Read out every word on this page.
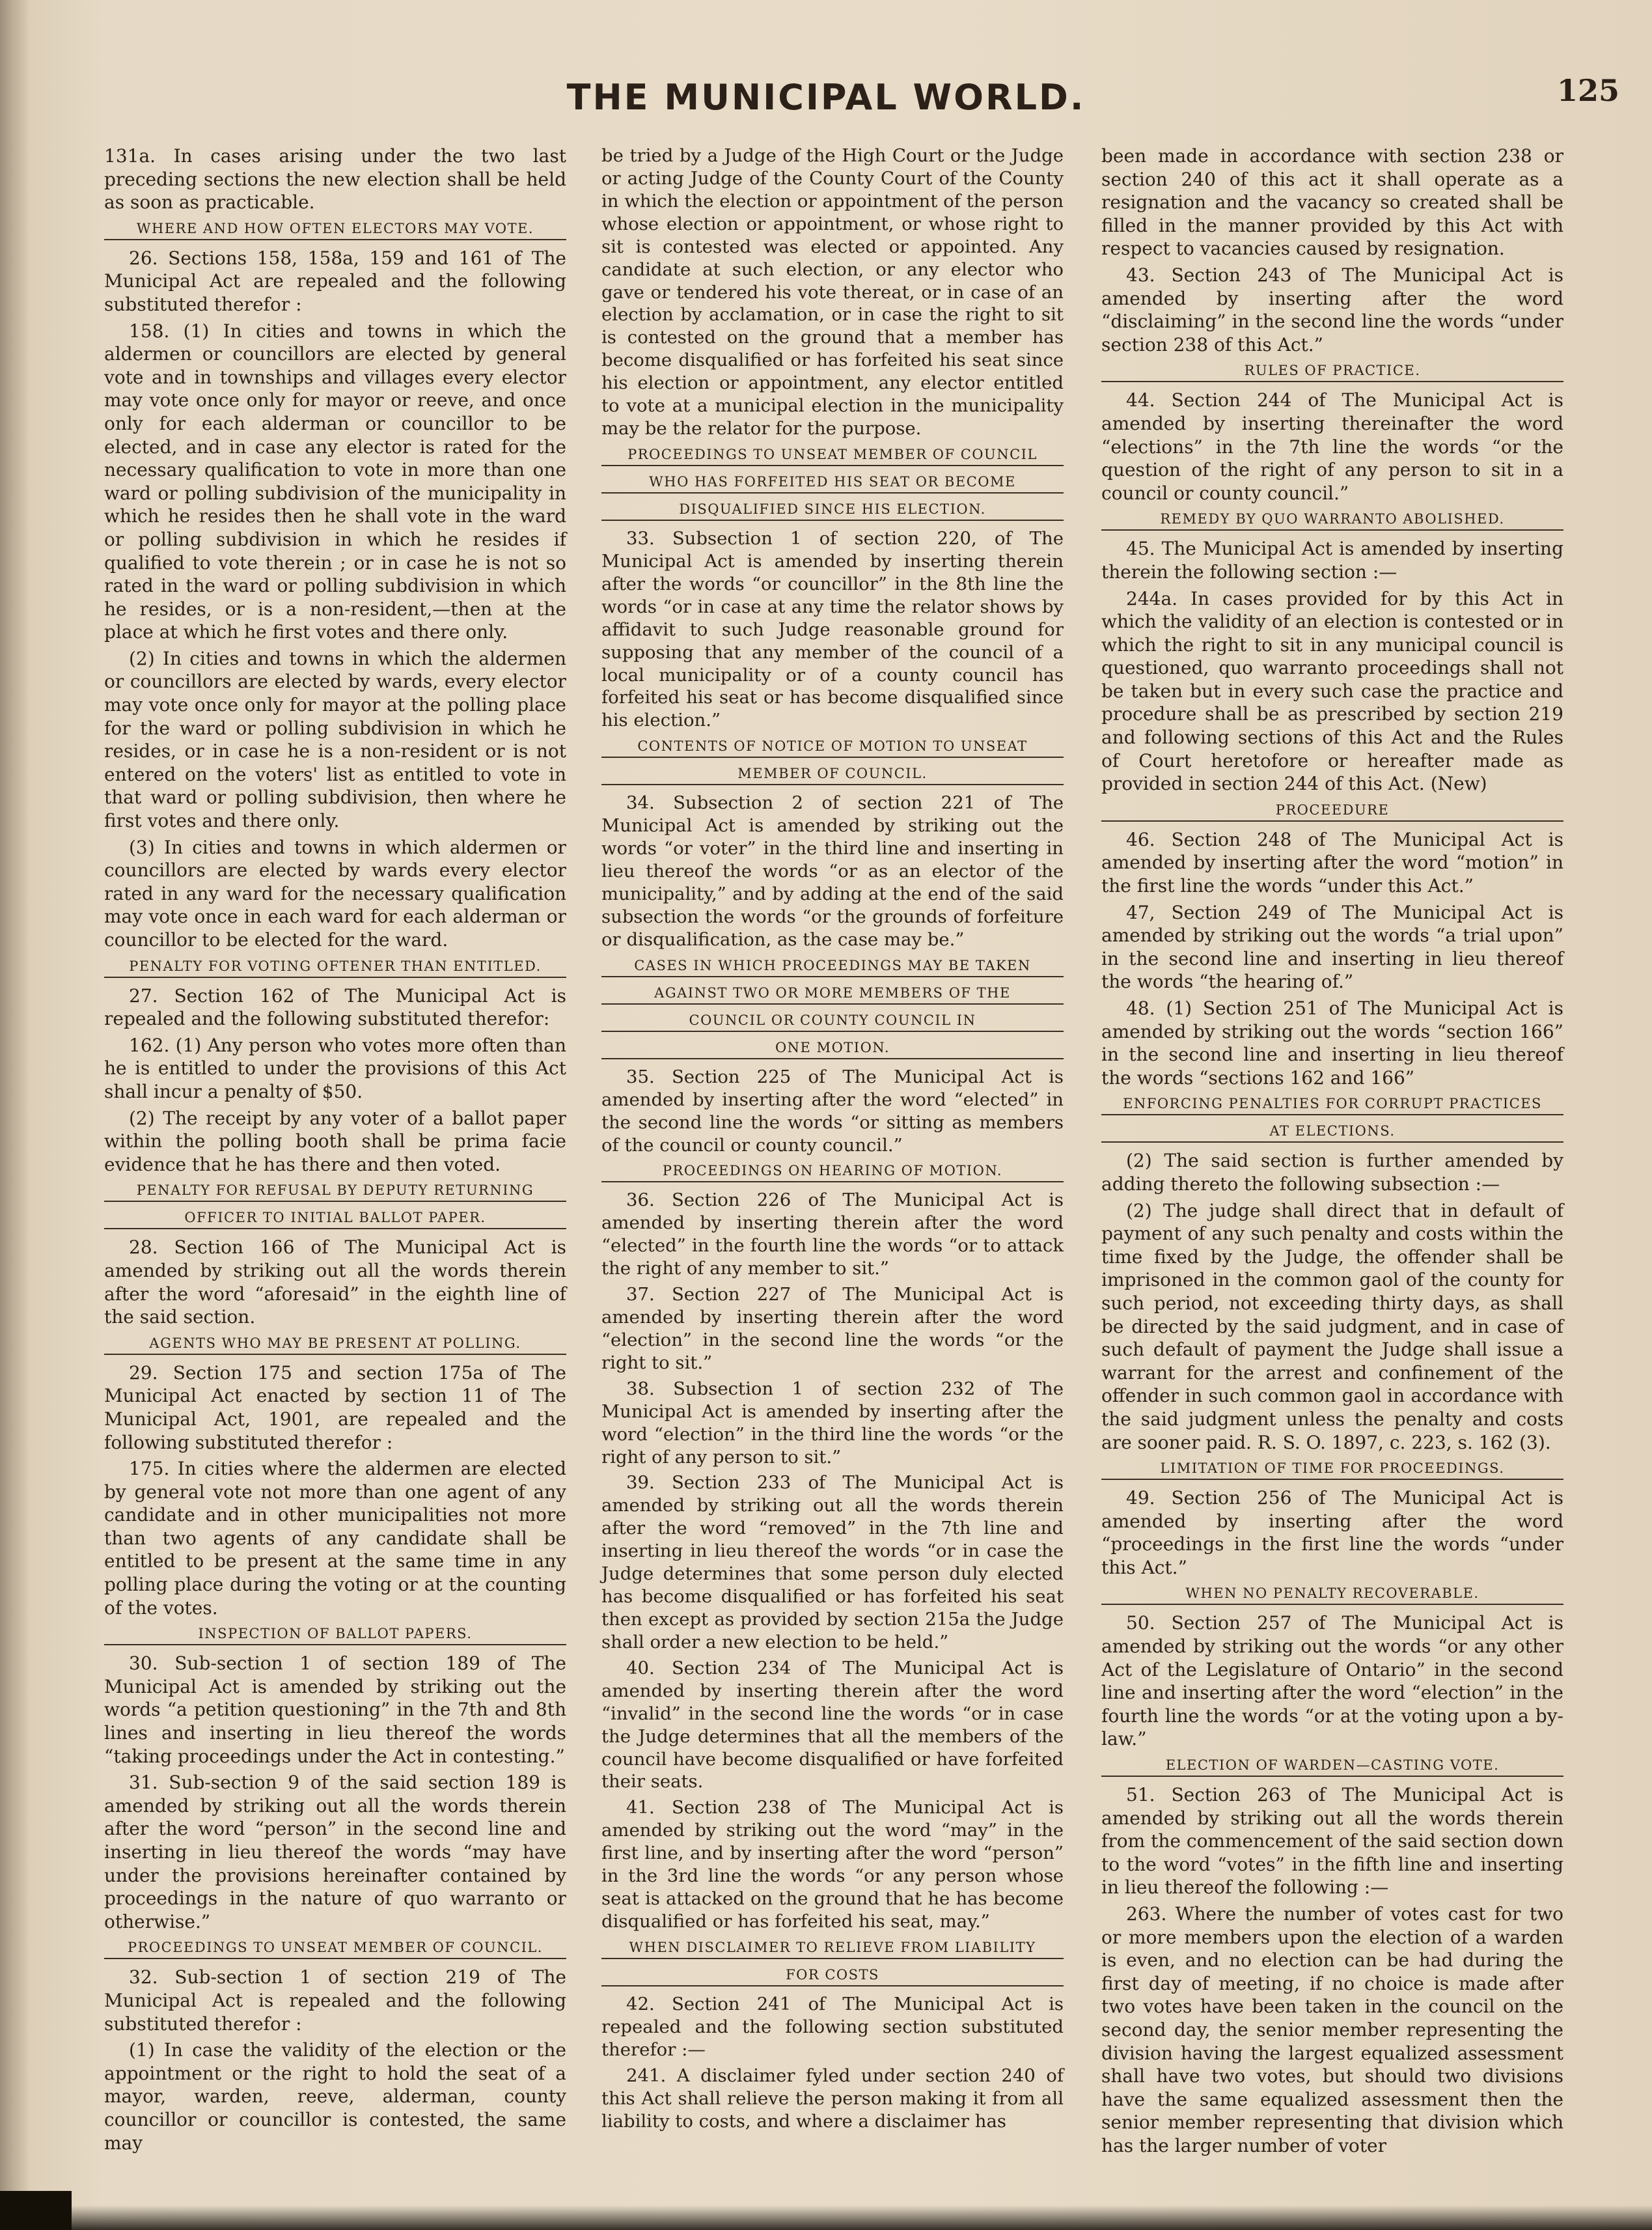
THE MUNICIPAL WORLD.	125

131a. In cases arising under the two last preceding sections the new election shall be held as soon as practicable.

WHERE AND HOW OFTEN ELECTORS MAY VOTE.

26. Sections 158, 158a, 159 and 161 of The Municipal Act are repealed and the following substituted therefor :

158. (1) In cities and towns in which the aldermen or councillors are elected by general vote and in townships and villages every elector may vote once only for mayor or reeve, and once only for each alderman or councillor to be elected, and in case any elector is rated for the necessary qualification to vote in more than one ward or polling subdivision of the municipality in which he resides then he shall vote in the ward or polling subdivision in which he resides if qualified to vote therein ; or in case he is not so rated in the ward or polling subdivision in which he resides, or is a non-resident,—then at the place at which he first votes and there only.

(2) In cities and towns in which the aldermen or councillors are elected by wards, every elector may vote once only for mayor at the polling place for the ward or polling subdivision in which he resides, or in case he is a non-resident or is not entered on the voters' list as entitled to vote in that ward or polling subdivision, then where he first votes and there only.

(3) In cities and towns in which aldermen or councillors are elected by wards every elector rated in any ward for the necessary qualification may vote once in each ward for each alderman or councillor to be elected for the ward.

PENALTY FOR VOTING OFTENER THAN ENTITLED.

27. Section 162 of The Municipal Act is repealed and the following substituted therefor:

162. (1) Any person who votes more often than he is entitled to under the provisions of this Act shall incur a penalty of $50.

(2) The receipt by any voter of a ballot paper within the polling booth shall be prima facie evidence that he has there and then voted.

PENALTY FOR REFUSAL BY DEPUTY RETURNING
OFFICER TO INITIAL BALLOT PAPER.

28. Section 166 of The Municipal Act is amended by striking out all the words therein after the word “aforesaid” in the eighth line of the said section.

AGENTS WHO MAY BE PRESENT AT POLLING.

29. Section 175 and section 175a of The Municipal Act enacted by section 11 of The Municipal Act, 1901, are repealed and the following substituted therefor :

175. In cities where the aldermen are elected by general vote not more than one agent of any candidate and in other municipalities not more than two agents of any candidate shall be entitled to be present at the same time in any polling place during the voting or at the counting of the votes.

INSPECTION OF BALLOT PAPERS.

30. Sub-section 1 of section 189 of The Municipal Act is amended by striking out the words “a petition questioning” in the 7th and 8th lines and inserting in lieu thereof the words “taking proceedings under the Act in contesting.”

31. Sub-section 9 of the said section 189 is amended by striking out all the words therein after the word “person” in the second line and inserting in lieu thereof the words “may have under the provisions hereinafter contained by proceedings in the nature of quo warranto or otherwise.”

PROCEEDINGS TO UNSEAT MEMBER OF COUNCIL.

32. Sub-section 1 of section 219 of The Municipal Act is repealed and the following substituted therefor :

(1) In case the validity of the election or the appointment or the right to hold the seat of a mayor, warden, reeve, alderman, county councillor or councillor is contested, the same may

be tried by a Judge of the High Court or the Judge or acting Judge of the County Court of the County in which the election or appointment of the person whose election or appointment, or whose right to sit is contested was elected or appointed. Any candidate at such election, or any elector who gave or tendered his vote thereat, or in case of an election by acclamation, or in case the right to sit is contested on the ground that a member has become disqualified or has forfeited his seat since his election or appointment, any elector entitled to vote at a municipal election in the municipality may be the relator for the purpose.

PROCEEDINGS TO UNSEAT MEMBER OF COUNCIL
WHO HAS FORFEITED HIS SEAT OR BECOME
DISQUALIFIED SINCE HIS ELECTION.

33. Subsection 1 of section 220, of The Municipal Act is amended by inserting therein after the words “or councillor” in the 8th line the words “or in case at any time the relator shows by affidavit to such Judge reasonable ground for supposing that any member of the council of a local municipality or of a county council has forfeited his seat or has become disqualified since his election.”

CONTENTS OF NOTICE OF MOTION TO UNSEAT
MEMBER OF COUNCIL.

34. Subsection 2 of section 221 of The Municipal Act is amended by striking out the words “or voter” in the third line and inserting in lieu thereof the words “or as an elector of the municipality,” and by adding at the end of the said subsection the words “or the grounds of forfeiture or disqualification, as the case may be.”

CASES IN WHICH PROCEEDINGS MAY BE TAKEN
AGAINST TWO OR MORE MEMBERS OF THE
COUNCIL OR COUNTY COUNCIL IN
ONE MOTION.

35. Section 225 of The Municipal Act is amended by inserting after the word “elected” in the second line the words “or sitting as members of the council or county council.”

PROCEEDINGS ON HEARING OF MOTION.

36. Section 226 of The Municipal Act is amended by inserting therein after the word “elected” in the fourth line the words “or to attack the right of any member to sit.”

37. Section 227 of The Municipal Act is amended by inserting therein after the word “election” in the second line the words “or the right to sit.”

38. Subsection 1 of section 232 of The Municipal Act is amended by inserting after the word “election” in the third line the words “or the right of any person to sit.”

39. Section 233 of The Municipal Act is amended by striking out all the words therein after the word “removed” in the 7th line and inserting in lieu thereof the words “or in case the Judge determines that some person duly elected has become disqualified or has forfeited his seat then except as provided by section 215a the Judge shall order a new election to be held.”

40. Section 234 of The Municipal Act is amended by inserting therein after the word “invalid” in the second line the words “or in case the Judge determines that all the members of the council have become disqualified or have forfeited their seats.

41. Section 238 of The Municipal Act is amended by striking out the word “may” in the first line, and by inserting after the word “person” in the 3rd line the words “or any person whose seat is attacked on the ground that he has become disqualified or has forfeited his seat, may.”

WHEN DISCLAIMER TO RELIEVE FROM LIABILITY
FOR COSTS

42. Section 241 of The Municipal Act is repealed and the following section substituted therefor :—

241. A disclaimer fyled under section 240 of this Act shall relieve the person making it from all liability to costs, and where a disclaimer has

been made in accordance with section 238 or section 240 of this act it shall operate as a resignation and the vacancy so created shall be filled in the manner provided by this Act with respect to vacancies caused by resignation.

43. Section 243 of The Municipal Act is amended by inserting after the word “disclaiming” in the second line the words “under section 238 of this Act.”

RULES OF PRACTICE.

44. Section 244 of The Municipal Act is amended by inserting thereinafter the word “elections” in the 7th line the words “or the question of the right of any person to sit in a council or county council.”

REMEDY BY QUO WARRANTO ABOLISHED.

45. The Municipal Act is amended by inserting therein the following section :—

244a. In cases provided for by this Act in which the validity of an election is contested or in which the right to sit in any municipal council is questioned, quo warranto proceedings shall not be taken but in every such case the practice and procedure shall be as prescribed by section 219 and following sections of this Act and the Rules of Court heretofore or hereafter made as provided in section 244 of this Act. (New)

PROCEEDURE

46. Section 248 of The Municipal Act is amended by inserting after the word “motion” in the first line the words “under this Act.”

47, Section 249 of The Municipal Act is amended by striking out the words “a trial upon” in the second line and inserting in lieu thereof the words “the hearing of.”

48. (1) Section 251 of The Municipal Act is amended by striking out the words “section 166” in the second line and inserting in lieu thereof the words “sections 162 and 166”

ENFORCING PENALTIES FOR CORRUPT PRACTICES
AT ELECTIONS.

(2) The said section is further amended by adding thereto the following subsection :—

(2) The judge shall direct that in default of payment of any such penalty and costs within the time fixed by the Judge, the offender shall be imprisoned in the common gaol of the county for such period, not exceeding thirty days, as shall be directed by the said judgment, and in case of such default of payment the Judge shall issue a warrant for the arrest and confinement of the offender in such common gaol in accordance with the said judgment unless the penalty and costs are sooner paid. R. S. O. 1897, c. 223, s. 162 (3).

LIMITATION OF TIME FOR PROCEEDINGS.

49. Section 256 of The Municipal Act is amended by inserting after the word “proceedings in the first line the words “under this Act.”

WHEN NO PENALTY RECOVERABLE.

50. Section 257 of The Municipal Act is amended by striking out the words “or any other Act of the Legislature of Ontario” in the second line and inserting after the word “election” in the fourth line the words “or at the voting upon a by-law.”

ELECTION OF WARDEN—CASTING VOTE.

51. Section 263 of The Municipal Act is amended by striking out all the words therein from the commencement of the said section down to the word “votes” in the fifth line and inserting in lieu thereof the following :—

263. Where the number of votes cast for two or more members upon the election of a warden is even, and no election can be had during the first day of meeting, if no choice is made after two votes have been taken in the council on the second day, the senior member representing the division having the largest equalized assessment shall have two votes, but should two divisions have the same equalized assessment then the senior member representing that division which has the larger number of voter
